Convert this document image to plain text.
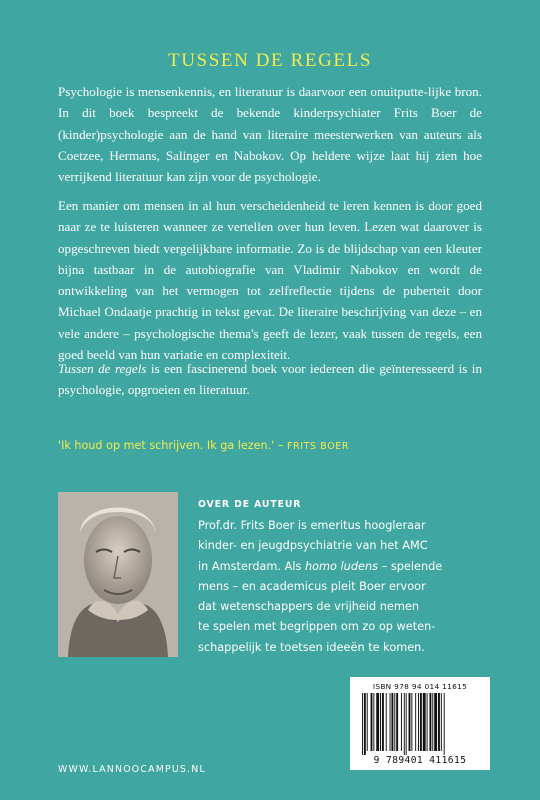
TUSSEN DE REGELS
Psychologie is mensenkennis, en literatuur is daarvoor een onuitputte-lijke bron. In dit boek bespreekt de bekende kinderpsychiater Frits Boer de (kinder)psychologie aan de hand van literaire meesterwerken van auteurs als Coetzee, Hermans, Salinger en Nabokov. Op heldere wijze laat hij zien hoe verrijkend literatuur kan zijn voor de psychologie.
Een manier om mensen in al hun verscheidenheid te leren kennen is door goed naar ze te luisteren wanneer ze vertellen over hun leven. Lezen wat daarover is opgeschreven biedt vergelijkbare informatie. Zo is de blijdschap van een kleuter bijna tastbaar in de autobiografie van Vladimir Nabokov en wordt de ontwikkeling van het vermogen tot zelfreflectie tijdens de puberteit door Michael Ondaatje prachtig in tekst gevat. De literaire beschrijving van deze – en vele andere – psychologische thema's geeft de lezer, vaak tussen de regels, een goed beeld van hun variatie en complexiteit.
Tussen de regels is een fascinerend boek voor iedereen die geïnteresseerd is in psychologie, opgroeien en literatuur.
'Ik houd op met schrijven. Ik ga lezen.' – FRITS BOER
OVER DE AUTEUR
Prof.dr. Frits Boer is emeritus hoogleraar
kinder- en jeugdpsychiatrie van het AMC
in Amsterdam. Als homo ludens – spelende
mens – en academicus pleit Boer ervoor
dat wetenschappers de vrijheid nemen
te spelen met begrippen om zo op weten-
schappelijk te toetsen ideeën te komen.
ISBN 978 94 014 11615
9 789401 411615
WWW.LANNOOCAMPUS.NL
